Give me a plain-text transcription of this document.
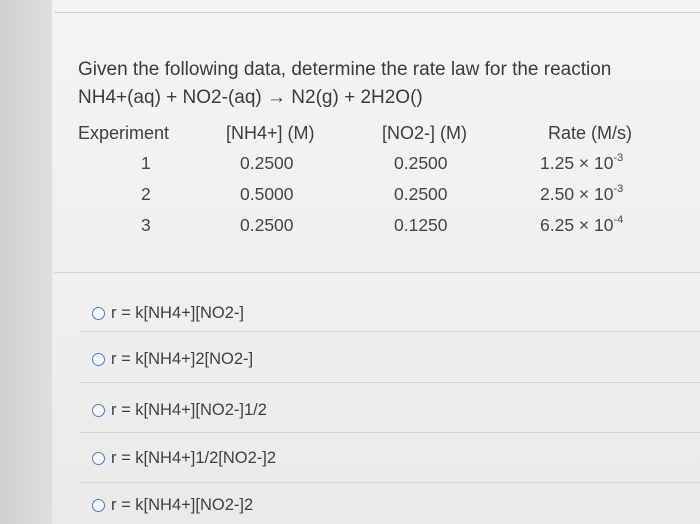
Given the following data, determine the rate law for the reaction
NH4+(aq) + NO2-(aq) → N2(g) + 2H2O()
Experiment	[NH4+] (M)	[NO2-] (M)	Rate (M/s)
1	0.2500	0.2500	$1.25 \times 10^{-3}$
2	0.5000	0.2500	$2.50 \times 10^{-3}$
3	0.2500	0.1250	$6.25 \times 10^{-4}$
r = k[NH4+][NO2-]
r = k[NH4+]2[NO2-]
r = k[NH4+][NO2-]1/2
r = k[NH4+]1/2[NO2-]2
r = k[NH4+][NO2-]2
